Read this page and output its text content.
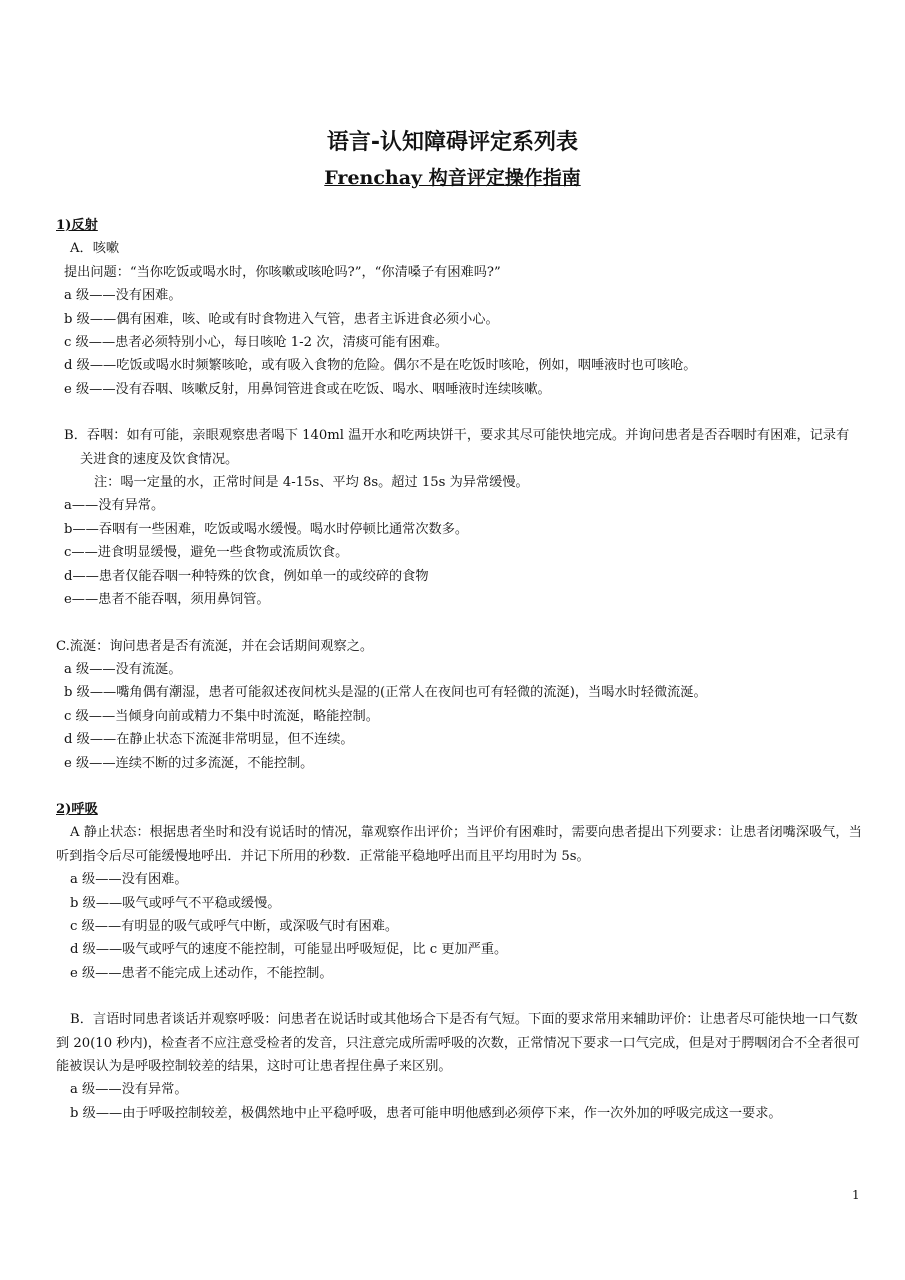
语言-认知障碍评定系列表
Frenchay 构音评定操作指南

1)反射

A．咳嗽

提出问题：“当你吃饭或喝水时，你咳嗽或咳呛吗?”，“你清嗓子有困难吗?”

a 级——没有困难。

b 级——偶有困难，咳、呛或有时食物进入气管，患者主诉进食必须小心。

c 级——患者必须特别小心，每日咳呛 1-2 次，清痰可能有困难。

d 级——吃饭或喝水时频繁咳呛，或有吸入食物的危险。偶尔不是在吃饭时咳呛，例如，咽唾液时也可咳呛。

e 级——没有吞咽、咳嗽反射，用鼻饲管进食或在吃饭、喝水、咽唾液时连续咳嗽。

B．吞咽：如有可能，亲眼观察患者喝下 140ml 温开水和吃两块饼干，要求其尽可能快地完成。并询问患者是否吞咽时有困难，记录有关进食的速度及饮食情况。

注：喝一定量的水，正常时间是 4-15s、平均 8s。超过 15s 为异常缓慢。

a——没有异常。

b——吞咽有一些困难，吃饭或喝水缓慢。喝水时停顿比通常次数多。

c——进食明显缓慢，避免一些食物或流质饮食。

d——患者仅能吞咽一种特殊的饮食，例如单一的或绞碎的食物

e——患者不能吞咽，须用鼻饲管。

C.流涎：询问患者是否有流涎，并在会话期间观察之。

a 级——没有流涎。

b 级——嘴角偶有潮湿，患者可能叙述夜间枕头是湿的(正常人在夜间也可有轻微的流涎)，当喝水时轻微流涎。

c 级——当倾身向前或精力不集中时流涎，略能控制。

d 级——在静止状态下流涎非常明显，但不连续。

e 级——连续不断的过多流涎，不能控制。

2)呼吸

A 静止状态：根据患者坐时和没有说话时的情况，靠观察作出评价；当评价有困难时，需要向患者提出下列要求：让患者闭嘴深吸气，当听到指令后尽可能缓慢地呼出．并记下所用的秒数．正常能平稳地呼出而且平均用时为 5s。

a 级——没有困难。

b 级——吸气或呼气不平稳或缓慢。

c 级——有明显的吸气或呼气中断，或深吸气时有困难。

d 级——吸气或呼气的速度不能控制，可能显出呼吸短促，比 c 更加严重。

e 级——患者不能完成上述动作，不能控制。

B．言语时同患者谈话并观察呼吸：问患者在说话时或其他场合下是否有气短。下面的要求常用来辅助评价：让患者尽可能快地一口气数到 20(10 秒内)，检查者不应注意受检者的发音，只注意完成所需呼吸的次数，正常情况下要求一口气完成，但是对于腭咽闭合不全者很可能被误认为是呼吸控制较差的结果，这时可让患者捏住鼻子来区别。

a 级——没有异常。

b 级——由于呼吸控制较差，极偶然地中止平稳呼吸，患者可能申明他感到必须停下来，作一次外加的呼吸完成这一要求。

1
